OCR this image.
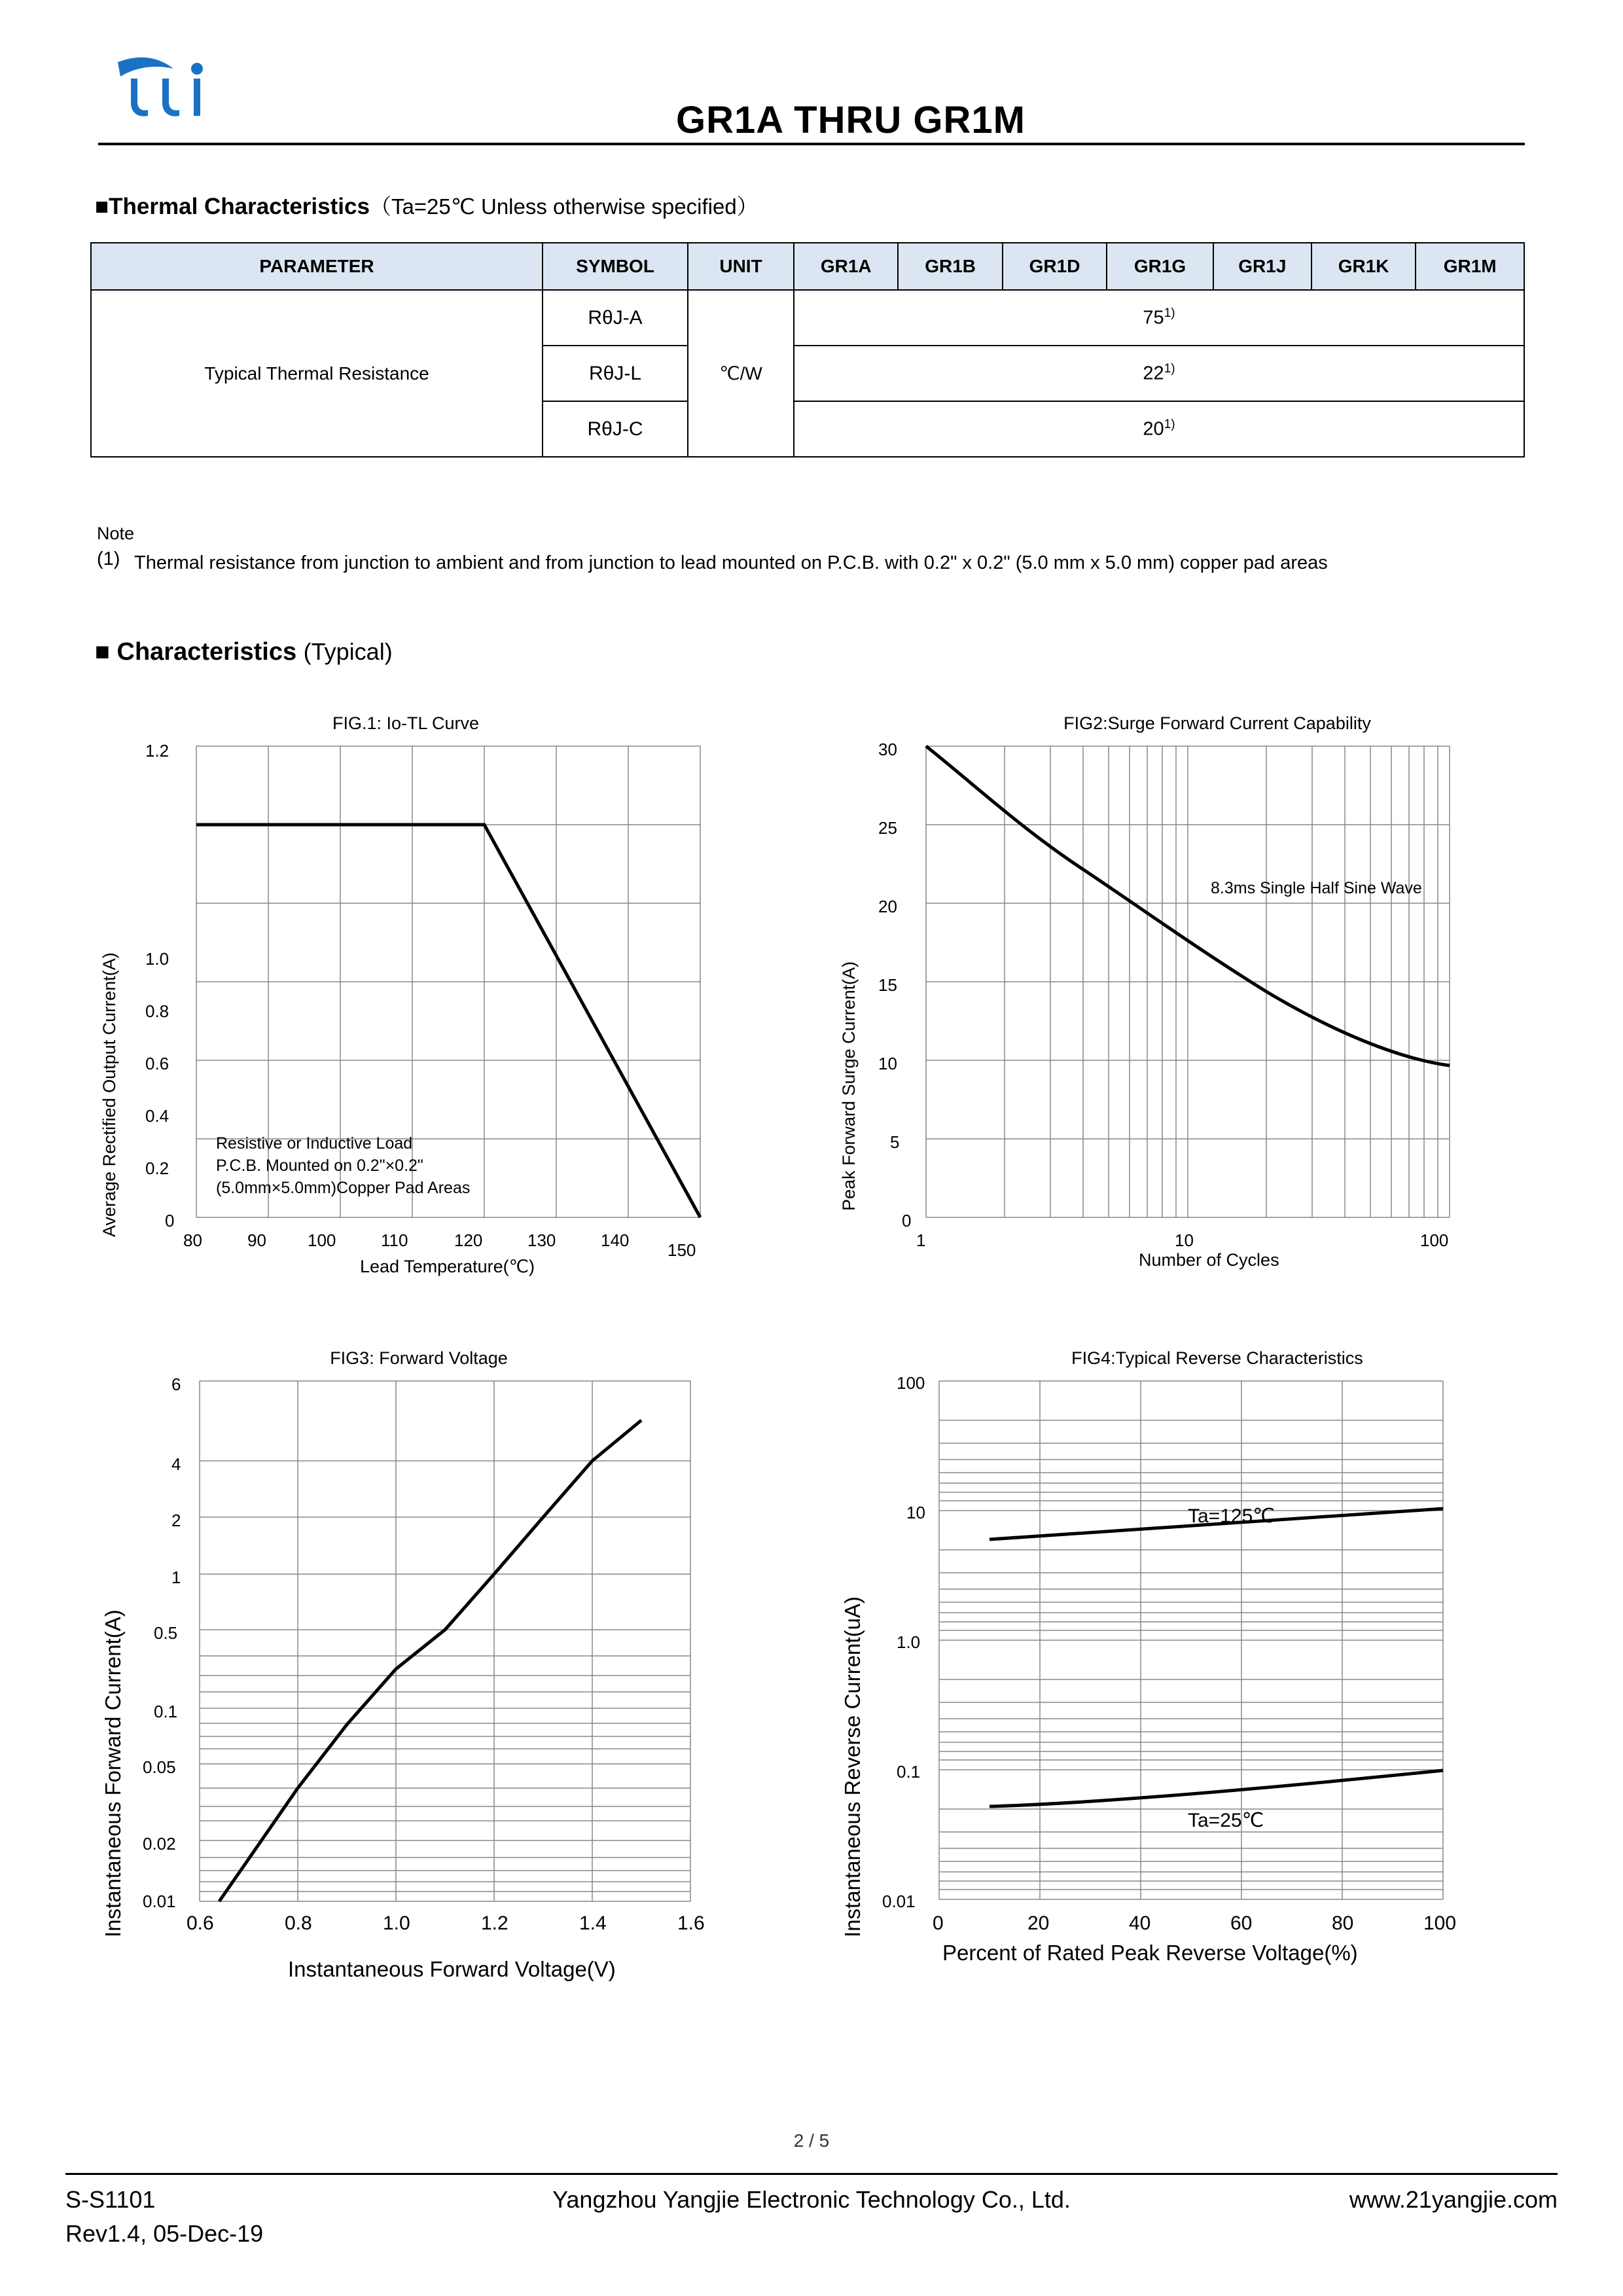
GR1A THRU GR1M
■Thermal Characteristics（Ta=25℃ Unless otherwise specified）
PARAMETER	SYMBOL	UNIT	GR1A	GR1B	GR1D	GR1G	GR1J	GR1K	GR1M
Typical Thermal Resistance	RθJ-A	℃/W	75$^{1)}$
	RθJ-L		22$^{1)}$
	RθJ-C		20$^{1)}$
Note
(1) Thermal resistance from junction to ambient and from junction to lead mounted on P.C.B. with 0.2" x 0.2" (5.0 mm x 5.0 mm) copper pad areas
■ Characteristics (Typical)
FIG.1: Io-TL Curve
Average Rectified Output Current(A)
Lead Temperature(℃)
0
0.2
0.4
0.6
0.8
1.0
1.2
80	90 100	110	120	130	140 150
Resistive or Inductive Load
P.C.B. Mounted on 0.2"×0.2"
(5.0mm×5.0mm)Copper Pad Areas
FIG2:Surge Forward Current Capability
Peak Forward Surge Current(A)
Number of Cycles
0
5
10
15
20
25
30
1	10	100
8.3ms Single Half Sine Wave
FIG3: Forward Voltage
Instantaneous Forward Current(A)
Instantaneous Forward Voltage(V)
0.01
0.02
0.05
0.1
0.5
1
2
4
6
0.6	0.8	1.0	1.2	1.4	1.6
FIG4:Typical Reverse Characteristics
Instantaneous Reverse Current(uA)
Percent of Rated Peak Reverse Voltage(%)
0.01
0.1
1.0
10
100
0	20	40	60	80	100
Ta=125℃
Ta=25℃
2 / 5
S-S1101
Rev1.4, 05-Dec-19
Yangzhou Yangjie Electronic Technology Co., Ltd.	www.21yangjie.com
